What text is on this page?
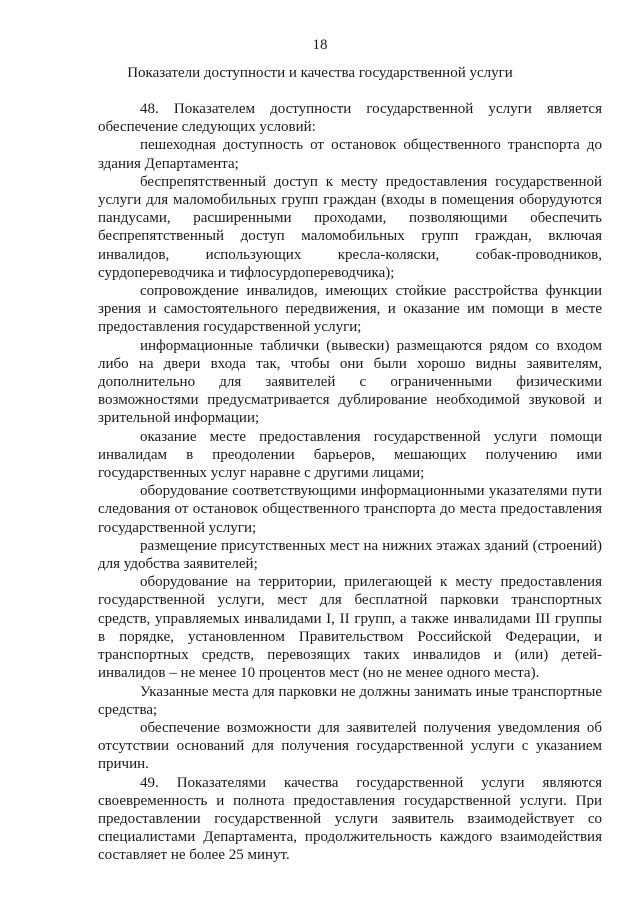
18
Показатели доступности и качества государственной услуги

48. Показателем доступности государственной услуги является обеспечение следующих условий:

пешеходная доступность от остановок общественного транспорта до здания Департамента;

беспрепятственный доступ к месту предоставления государственной услуги для маломобильных групп граждан (входы в помещения оборудуются пандусами, расширенными проходами, позволяющими обеспечить беспрепятственный доступ маломобильных групп граждан, включая инвалидов, использующих кресла-коляски, собак-проводников, сурдопереводчика и тифлосурдопереводчика);

сопровождение инвалидов, имеющих стойкие расстройства функции зрения и самостоятельного передвижения, и оказание им помощи в месте предоставления государственной услуги;

информационные таблички (вывески) размещаются рядом со входом либо на двери входа так, чтобы они были хорошо видны заявителям, дополнительно для заявителей с ограниченными физическими возможностями предусматривается дублирование необходимой звуковой и зрительной информации;

оказание месте предоставления государственной услуги помощи инвалидам в преодолении барьеров, мешающих получению ими государственных услуг наравне с другими лицами;

оборудование соответствующими информационными указателями пути следования от остановок общественного транспорта до места предоставления государственной услуги;

размещение присутственных мест на нижних этажах зданий (строений) для удобства заявителей;

оборудование на территории, прилегающей к месту предоставления государственной услуги, мест для бесплатной парковки транспортных средств, управляемых инвалидами I, II групп, а также инвалидами III группы в порядке, установленном Правительством Российской Федерации, и транспортных средств, перевозящих таких инвалидов и (или) детей-инвалидов – не менее 10 процентов мест (но не менее одного места).

Указанные места для парковки не должны занимать иные транспортные средства;

обеспечение возможности для заявителей получения уведомления об отсутствии оснований для получения государственной услуги с указанием причин.

49. Показателями качества государственной услуги являются своевременность и полнота предоставления государственной услуги. При предоставлении государственной услуги заявитель взаимодействует со специалистами Департамента, продолжительность каждого взаимодействия составляет не более 25 минут.
